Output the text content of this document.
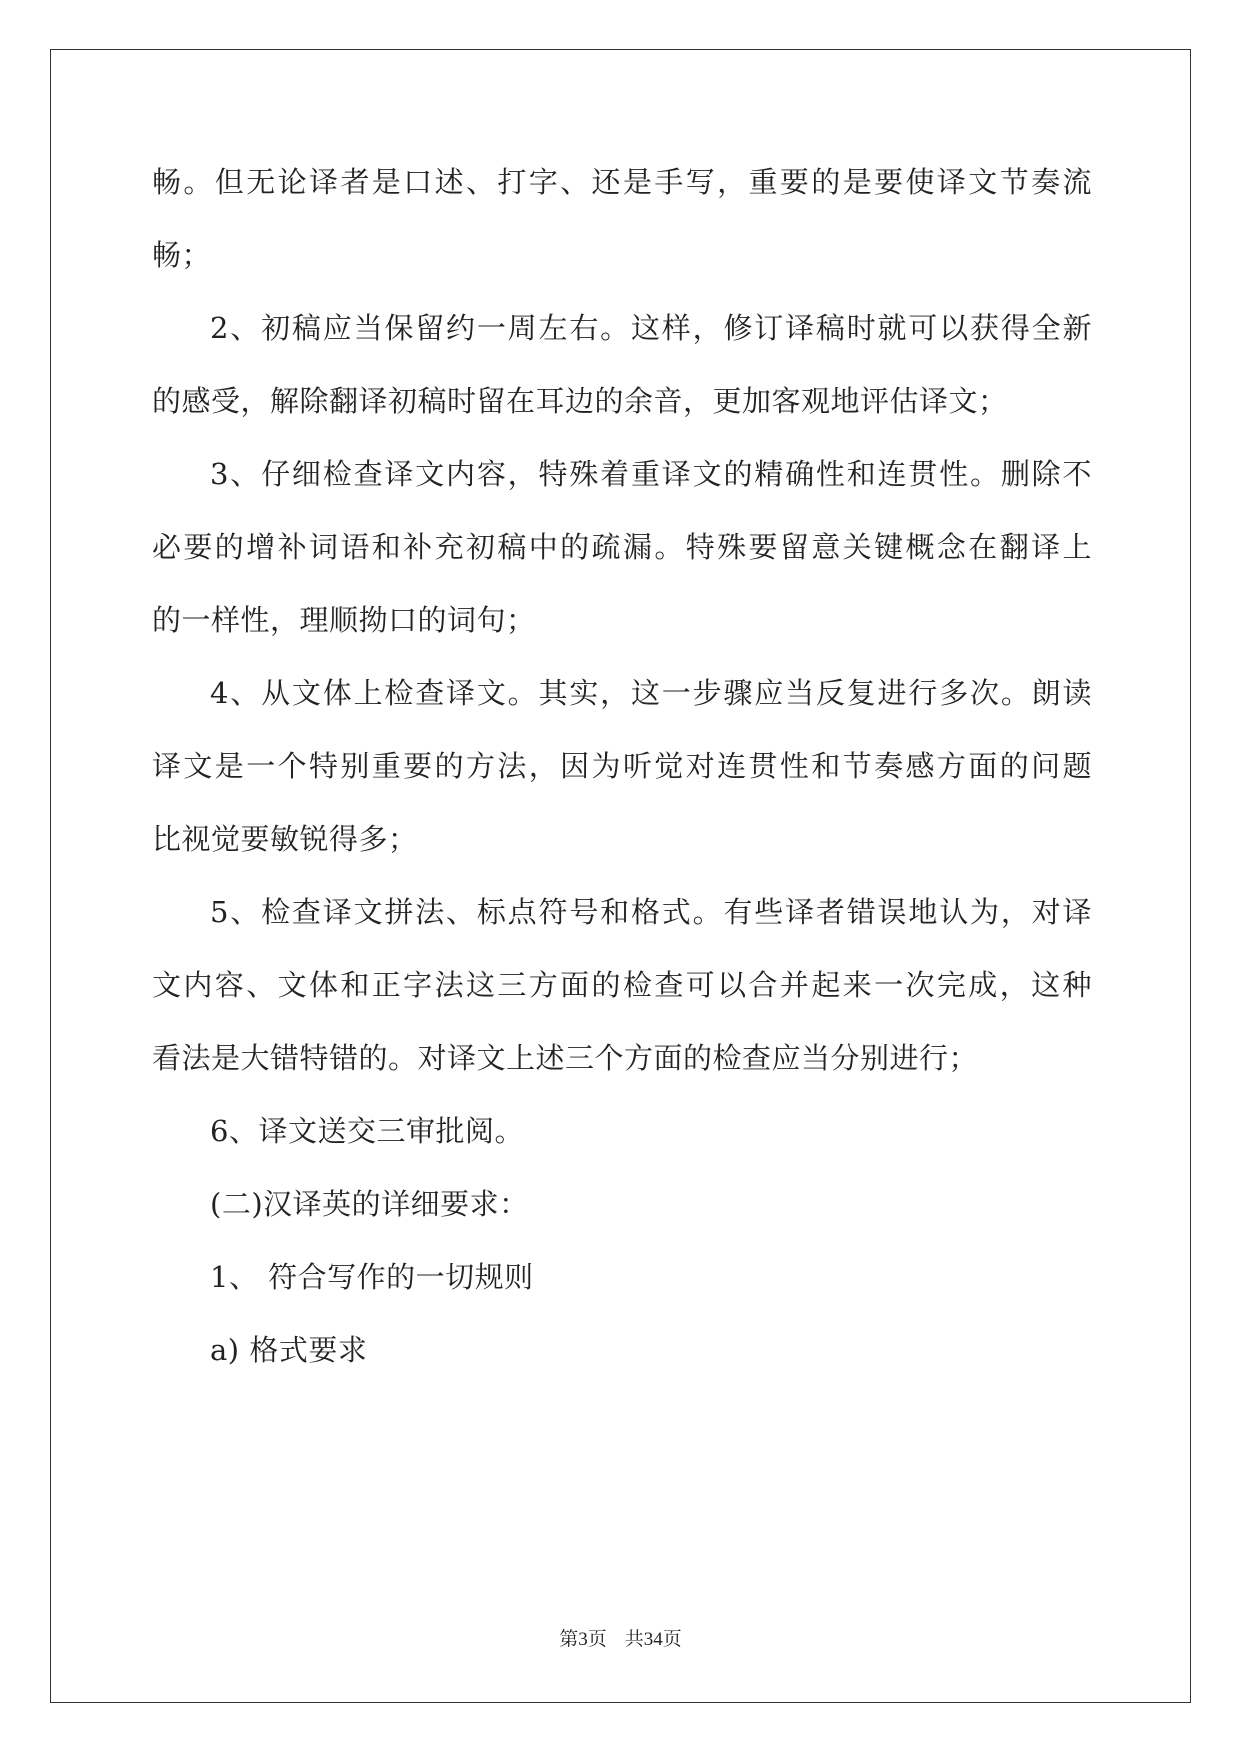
畅。但无论译者是口述、打字、还是手写，重要的是要使译文节奏流
畅；
2、初稿应当保留约一周左右。这样，修订译稿时就可以获得全新
的感受，解除翻译初稿时留在耳边的余音，更加客观地评估译文；
3、仔细检查译文内容，特殊着重译文的精确性和连贯性。删除不
必要的增补词语和补充初稿中的疏漏。特殊要留意关键概念在翻译上
的一样性，理顺拗口的词句；
4、从文体上检查译文。其实，这一步骤应当反复进行多次。朗读
译文是一个特别重要的方法，因为听觉对连贯性和节奏感方面的问题
比视觉要敏锐得多；
5、检查译文拼法、标点符号和格式。有些译者错误地认为，对译
文内容、文体和正字法这三方面的检查可以合并起来一次完成，这种
看法是大错特错的。对译文上述三个方面的检查应当分别进行；
6、译文送交三审批阅。
(二)汉译英的详细要求：
1、 符合写作的一切规则
a) 格式要求
第3页 共34页
